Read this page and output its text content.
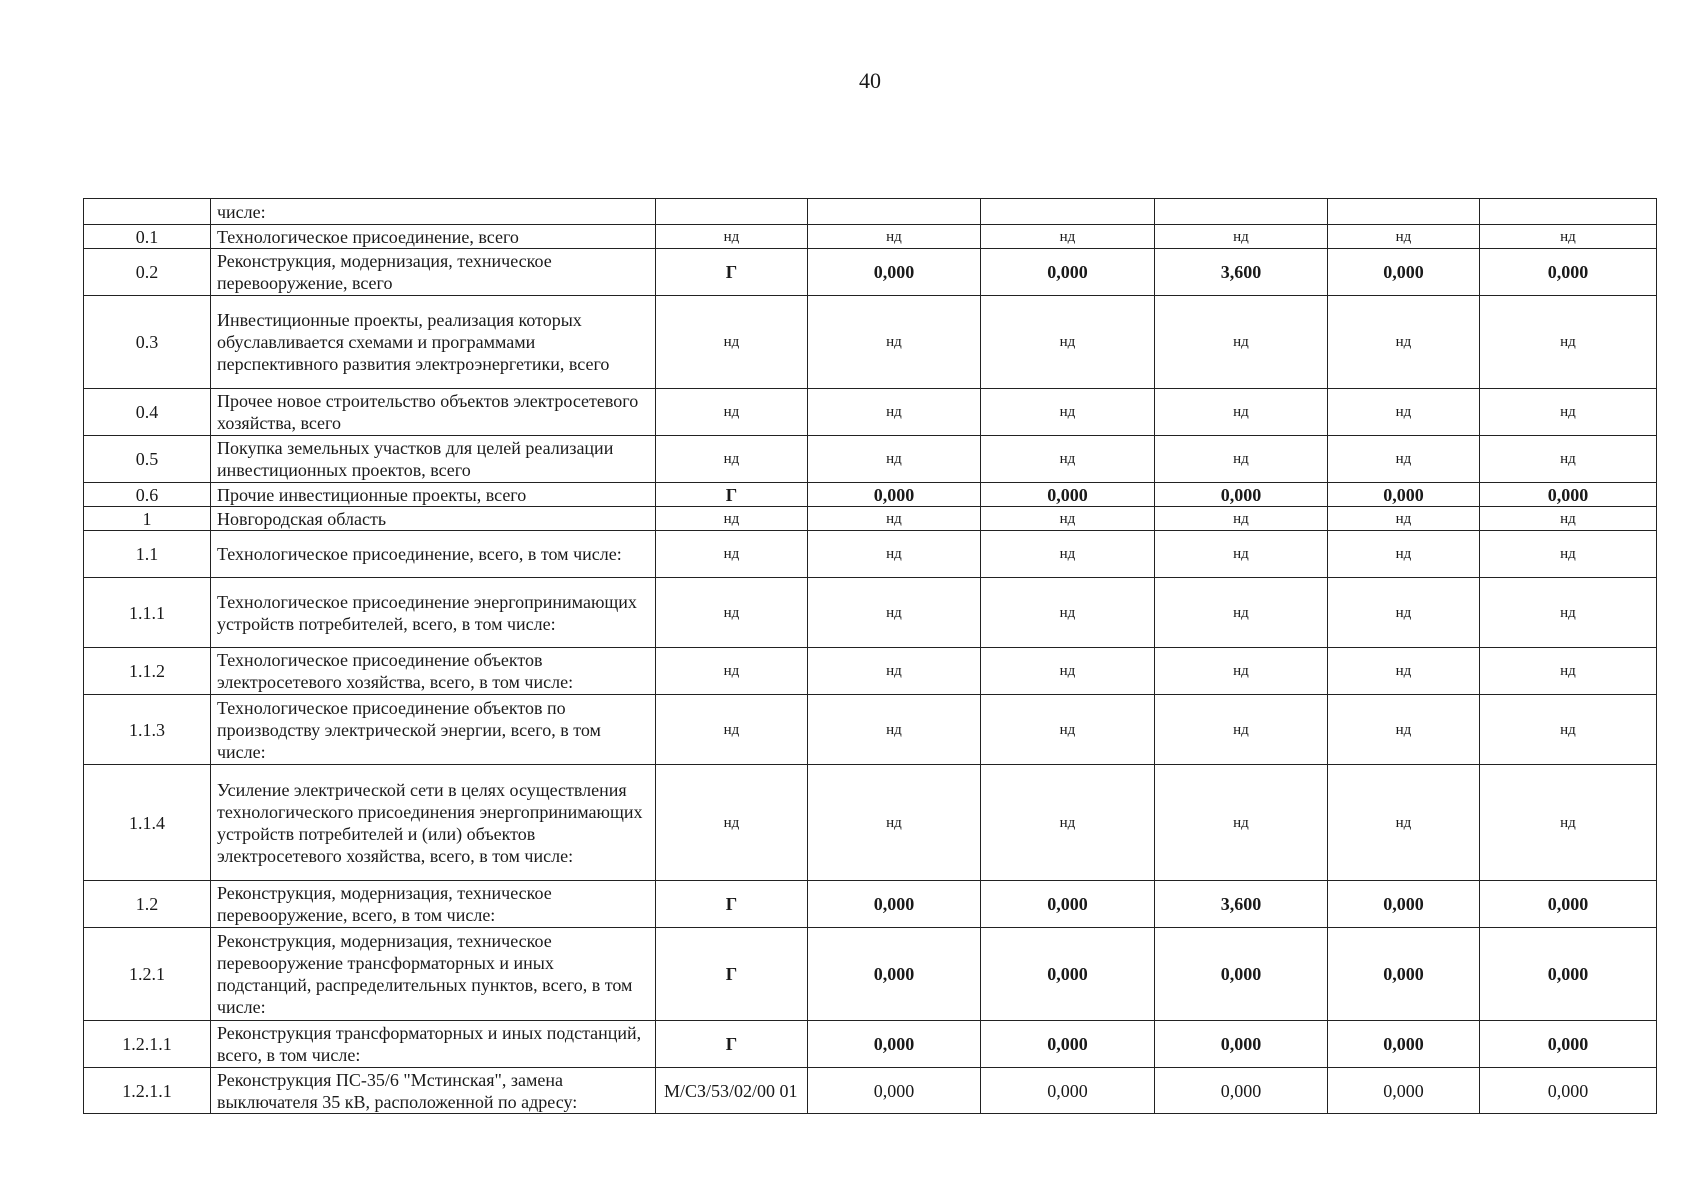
40
	числе:						
0.1	Технологическое присоединение, всего	нд	нд	нд	нд	нд	нд
0.2	Реконструкция, модернизация, техническое перевооружение, всего	Г	0,000	0,000	3,600	0,000	0,000
0.3	Инвестиционные проекты, реализация которых обуславливается схемами и программами перспективного развития электроэнергетики, всего	нд	нд	нд	нд	нд	нд
0.4	Прочее новое строительство объектов электросетевого хозяйства, всего	нд	нд	нд	нд	нд	нд
0.5	Покупка земельных участков для целей реализации инвестиционных проектов, всего	нд	нд	нд	нд	нд	нд
0.6	Прочие инвестиционные проекты, всего	Г	0,000	0,000	0,000	0,000	0,000
1	Новгородская область	нд	нд	нд	нд	нд	нд
1.1	Технологическое присоединение, всего, в том числе:	нд	нд	нд	нд	нд	нд
1.1.1	Технологическое присоединение энергопринимающих устройств потребителей, всего, в том числе:	нд	нд	нд	нд	нд	нд
1.1.2	Технологическое присоединение объектов электросетевого хозяйства, всего, в том числе:	нд	нд	нд	нд	нд	нд
1.1.3	Технологическое присоединение объектов по производству электрической энергии, всего, в том числе:	нд	нд	нд	нд	нд	нд
1.1.4	Усиление электрической сети в целях осуществления технологического присоединения энергопринимающих устройств потребителей и (или) объектов электросетевого хозяйства, всего, в том числе:	нд	нд	нд	нд	нд	нд
1.2	Реконструкция, модернизация, техническое перевооружение, всего, в том числе:	Г	0,000	0,000	3,600	0,000	0,000
1.2.1	Реконструкция, модернизация, техническое перевооружение трансформаторных и иных подстанций, распределительных пунктов, всего, в том числе:	Г	0,000	0,000	0,000	0,000	0,000
1.2.1.1	Реконструкция трансформаторных и иных подстанций, всего, в том числе:	Г	0,000	0,000	0,000	0,000	0,000
1.2.1.1	Реконструкция ПС-35/6 "Мстинская", замена выключателя 35 кВ, расположенной по адресу:	М/СЗ/53/02/00 01	0,000	0,000	0,000	0,000	0,000
